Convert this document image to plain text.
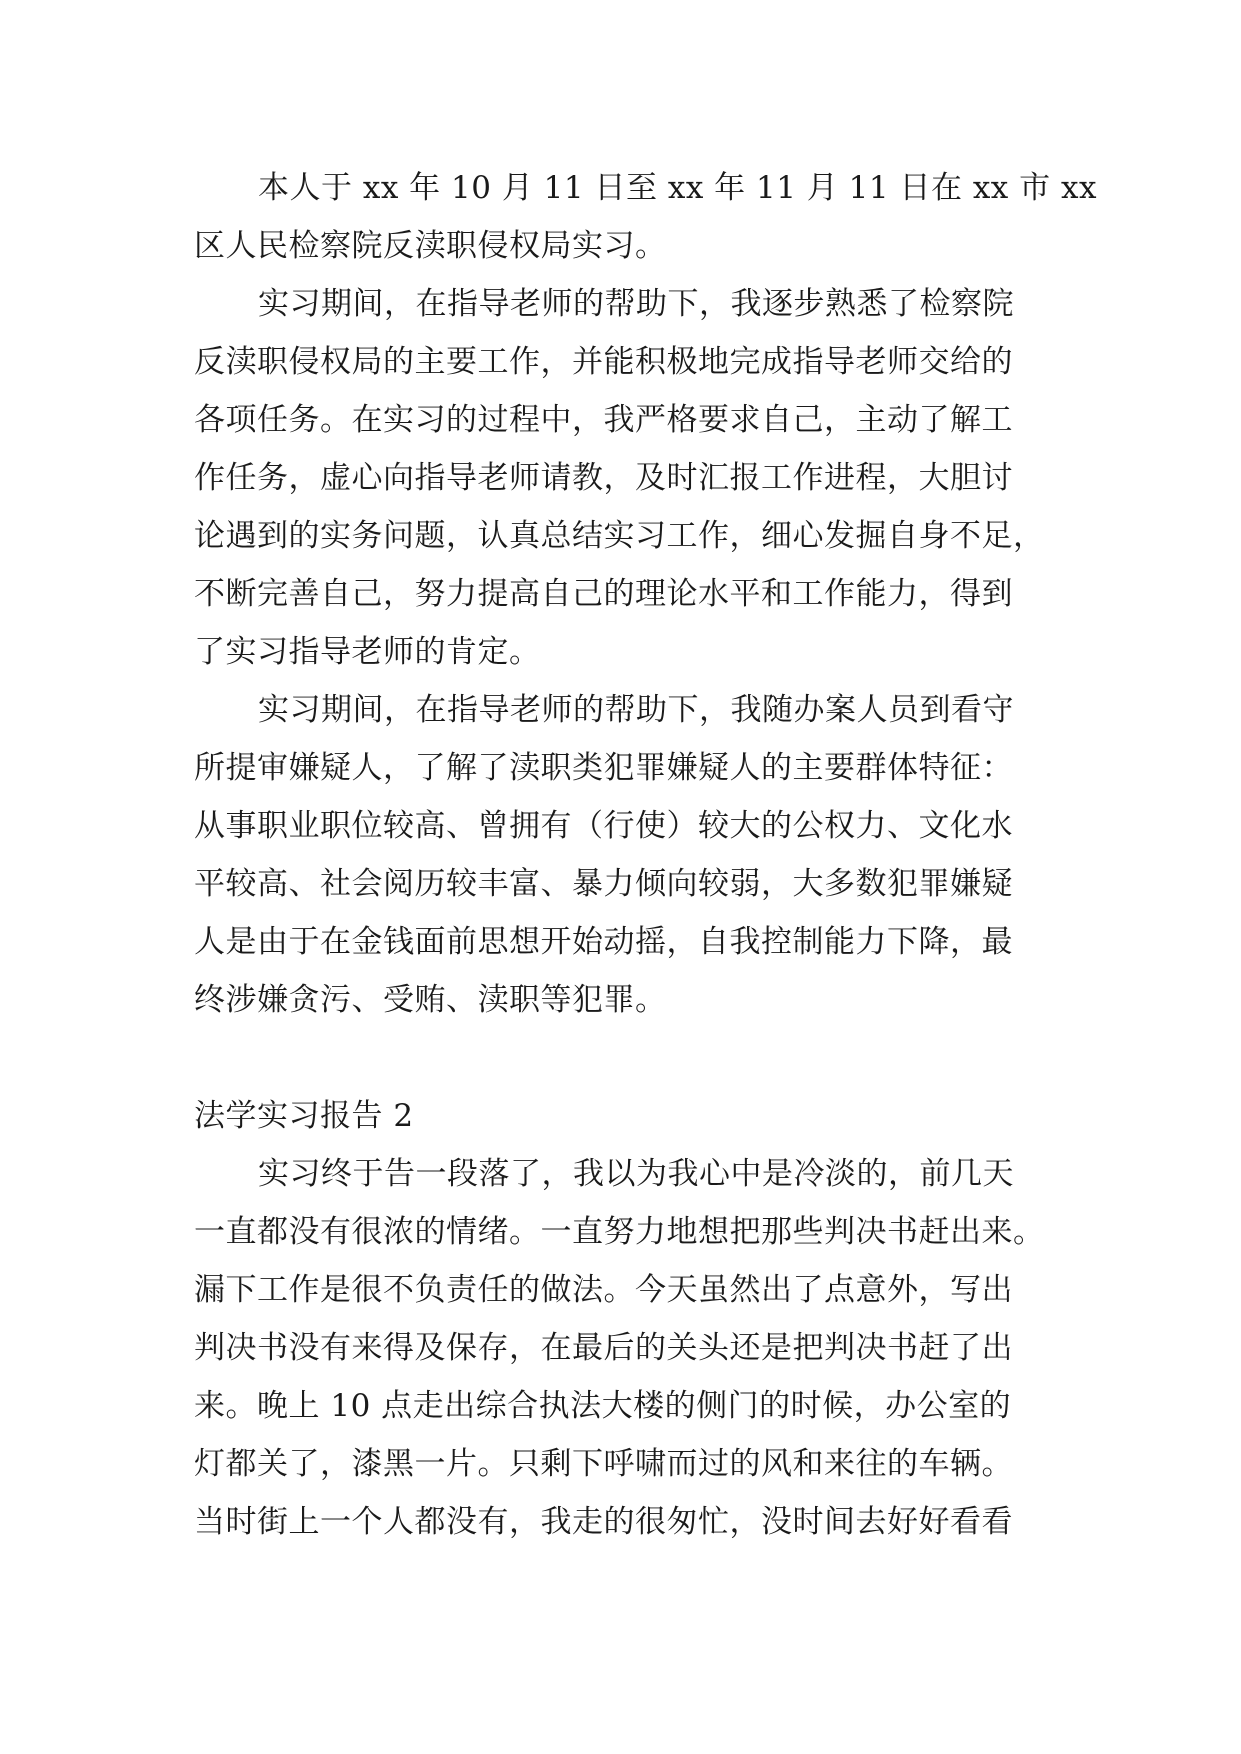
本人于 xx 年 10 月 11 日至 xx 年 11 月 11 日在 xx 市 xx
区人民检察院反渎职侵权局实习。
实习期间，在指导老师的帮助下，我逐步熟悉了检察院
反渎职侵权局的主要工作，并能积极地完成指导老师交给的
各项任务。在实习的过程中，我严格要求自己，主动了解工
作任务，虚心向指导老师请教，及时汇报工作进程，大胆讨
论遇到的实务问题，认真总结实习工作，细心发掘自身不足，
不断完善自己，努力提高自己的理论水平和工作能力，得到
了实习指导老师的肯定。
实习期间，在指导老师的帮助下，我随办案人员到看守
所提审嫌疑人，了解了渎职类犯罪嫌疑人的主要群体特征：
从事职业职位较高、曾拥有（行使）较大的公权力、文化水
平较高、社会阅历较丰富、暴力倾向较弱，大多数犯罪嫌疑
人是由于在金钱面前思想开始动摇，自我控制能力下降，最
终涉嫌贪污、受贿、渎职等犯罪。
法学实习报告 2
实习终于告一段落了，我以为我心中是冷淡的，前几天
一直都没有很浓的情绪。一直努力地想把那些判决书赶出来。
漏下工作是很不负责任的做法。今天虽然出了点意外，写出
判决书没有来得及保存，在最后的关头还是把判决书赶了出
来。晚上 10 点走出综合执法大楼的侧门的时候，办公室的
灯都关了，漆黑一片。只剩下呼啸而过的风和来往的车辆。
当时街上一个人都没有，我走的很匆忙，没时间去好好看看
